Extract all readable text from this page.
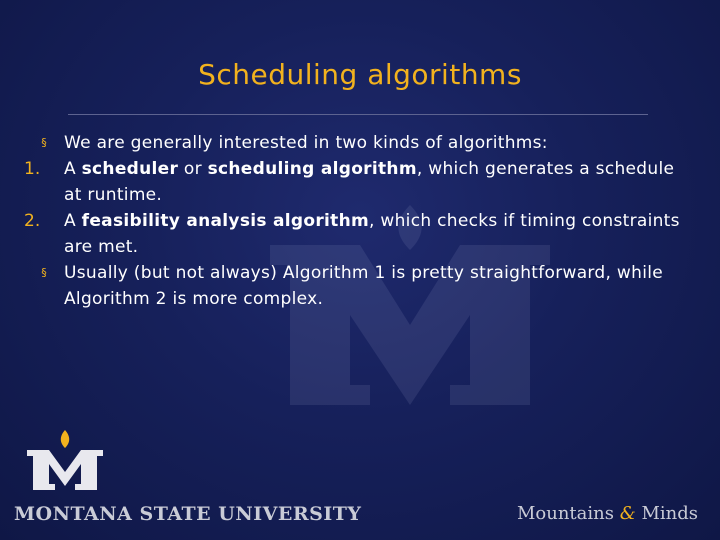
Scheduling algorithms
§	We are generally interested in two kinds of algorithms:
1.	A scheduler or scheduling algorithm, which generates a schedule at runtime.
2.	A feasibility analysis algorithm, which checks if timing constraints are met.
§	Usually (but not always) Algorithm 1 is pretty straightforward, while Algorithm 2 is more complex.
MONTANA STATE UNIVERSITY	Mountains & Minds
